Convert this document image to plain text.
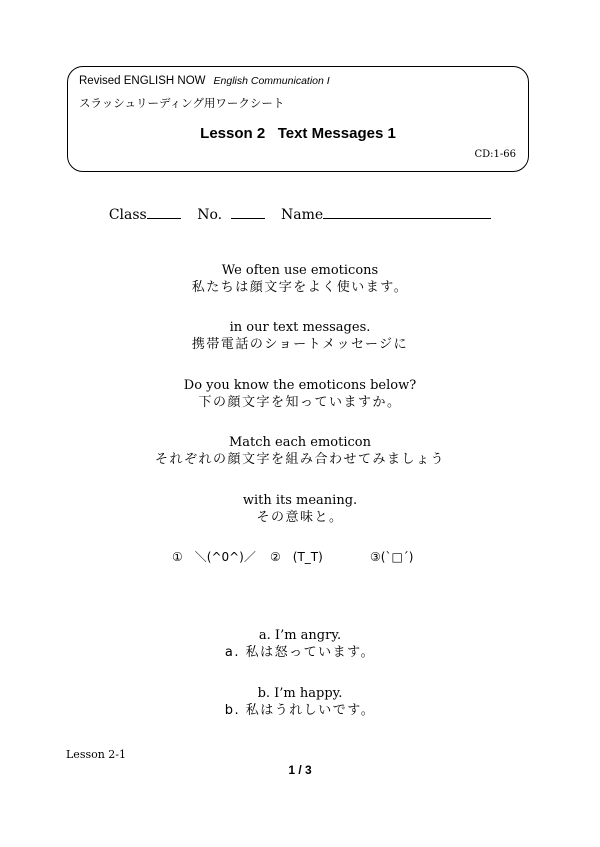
Revised ENGLISH NOW English Communication I
スラッシュリーディング用ワークシート
Lesson 2   Text Messages 1
CD:1-66
Class	No.	Name
We often use emoticons
私たちは顔文字をよく使います。
in our text messages.
携帯電話のショートメッセージに
Do you know the emoticons below?
下の顔文字を知っていますか。
Match each emoticon
それぞれの顔文字を組み合わせてみましょう
with its meaning.
その意味と。
①　＼(^0^)／ ②　(T_T)	③(`□´)
a. I’m angry.
a. 私は怒っています。
b. I’m happy.
b. 私はうれしいです。
Lesson 2-1
1 / 3
